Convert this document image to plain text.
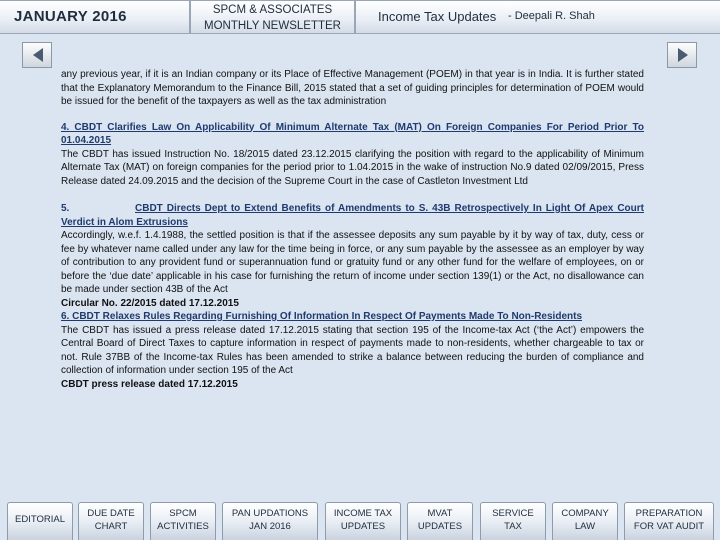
JANUARY 2016	SPCM & ASSOCIATES
MONTHLY NEWSLETTER
Income Tax Updates - Deepali R. Shah

any previous year, if it is an Indian company or its Place of Effective Management (POEM) in that year is in India. It is further stated that the Explanatory Memorandum to the Finance Bill, 2015 stated that a set of guiding principles for determination of POEM would be issued for the benefit of the taxpayers as well as the tax administration

4. CBDT Clarifies Law On Applicability Of Minimum Alternate Tax (MAT) On Foreign Companies For Period Prior To 01.04.2015

The CBDT has issued Instruction No. 18/2015 dated 23.12.2015 clarifying the position with regard to the applicability of Minimum Alternate Tax (MAT) on foreign companies for the period prior to 1.04.2015 in the wake of instruction No.9 dated 02/09/2015, Press Release dated 24.09.2015 and the decision of the Supreme Court in the case of Castleton Investment Ltd

5.	CBDT Directs Dept to Extend Benefits of Amendments to S. 43B Retrospectively In Light Of Apex Court Verdict in Alom Extrusions

Accordingly, w.e.f. 1.4.1988, the settled position is that if the assessee deposits any sum payable by it by way of tax, duty, cess or fee by whatever name called under any law for the time being in force, or any sum payable by the assessee as an employer by way of contribution to any provident fund or superannuation fund or gratuity fund or any other fund for the welfare of employees, on or before the ‘due date’ applicable in his case for furnishing the return of income under section 139(1) or the Act, no disallowance can be made under section 43B of the Act

Circular No. 22/2015 dated 17.12.2015

6. CBDT Relaxes Rules Regarding Furnishing Of Information In Respect Of Payments Made To Non-Residents

The CBDT has issued a press release dated 17.12.2015 stating that section 195 of the Income-tax Act (‘the Act’) empowers the Central Board of Direct Taxes to capture information in respect of payments made to non-residents, whether chargeable to tax or not. Rule 37BB of the Income-tax Rules has been amended to strike a balance between reducing the burden of compliance and collection of information under section 195 of the Act

CBDT press release dated 17.12.2015

EDITORIAL
DUE DATE
CHART
SPCM
ACTIVITIES
PAN UPDATIONS
JAN 2016
INCOME TAX
UPDATES
MVAT
UPDATES
SERVICE
TAX
COMPANY
LAW
PREPARATION
FOR VAT AUDIT
